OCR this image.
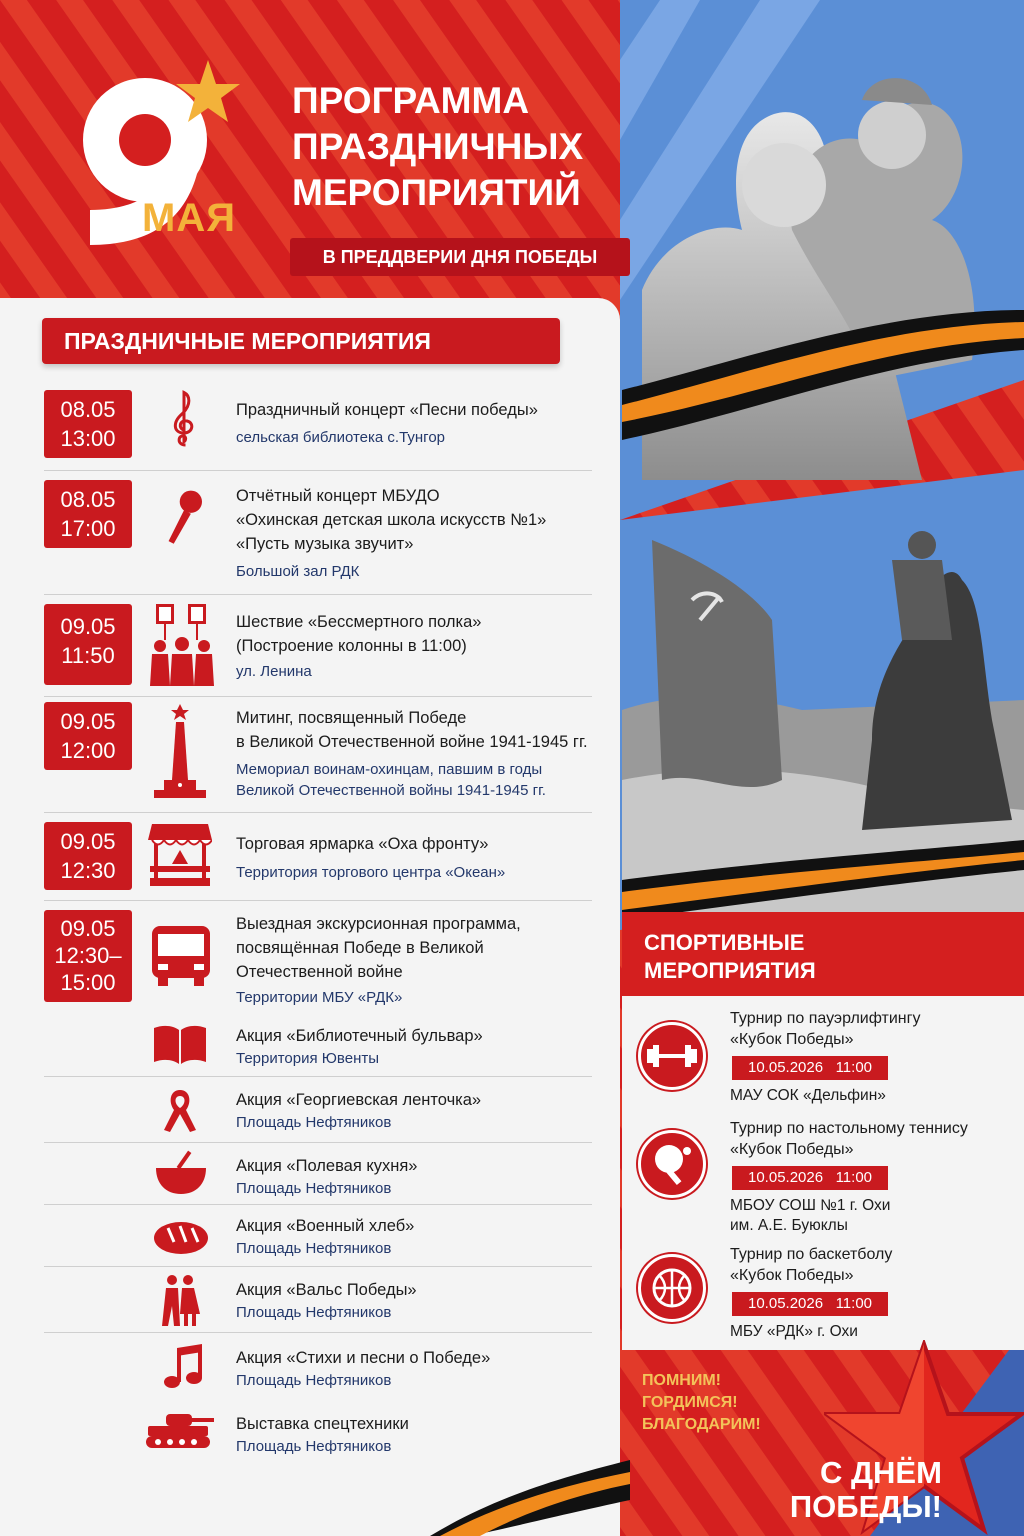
МАЯ
ПРОГРАММА
ПРАЗДНИЧНЫХ
МЕРОПРИЯТИЙ
В ПРЕДДВЕРИИ ДНЯ ПОБЕДЫ
ПРАЗДНИЧНЫЕ МЕРОПРИЯТИЯ
08.05
13:00
Праздничный концерт «Песни победы»
сельская библиотека с.Тунгор
08.05
17:00
Отчётный концерт МБУДО
«Охинская детская школа искусств №1»
«Пусть музыка звучит»
Большой зал РДК
09.05
11:50
Шествие «Бессмертного полка»
(Построение колонны в 11:00)
ул. Ленина
09.05
12:00
Митинг, посвященный Победе
в Великой Отечественной войне 1941-1945 гг.
Мемориал воинам-охинцам, павшим в годы
Великой Отечественной войны 1941-1945 гг.
09.05
12:30
Торговая ярмарка «Оха фронту»
Территория торгового центра «Океан»
09.05
12:30–
15:00
Выездная экскурсионная программа,
посвящённая Победе в Великой
Отечественной войне
Территории МБУ «РДК»
Акция «Библиотечный бульвар»
Территория Ювенты
Акция «Георгиевская ленточка»
Площадь Нефтяников
Акция «Полевая кухня»
Площадь Нефтяников
Акция «Военный хлеб»
Площадь Нефтяников
Акция «Вальс Победы»
Площадь Нефтяников
Акция «Стихи и песни о Победе»
Площадь Нефтяников
Выставка спецтехники
Площадь Нефтяников
СПОРТИВНЫЕ
МЕРОПРИЯТИЯ
Турнир по пауэрлифтингу
«Кубок Победы»
10.05.2026   11:00
МАУ СОК «Дельфин»
Турнир по настольному теннису
«Кубок Победы»
10.05.2026   11:00
МБОУ СОШ №1 г. Охи
им. А.Е. Буюклы
Турнир по баскетболу
«Кубок Победы»
10.05.2026   11:00
МБУ «РДК» г. Охи
ПОМНИМ!
ГОРДИМСЯ!
БЛАГОДАРИМ!
С ДНЁМ
ПОБЕДЫ!
